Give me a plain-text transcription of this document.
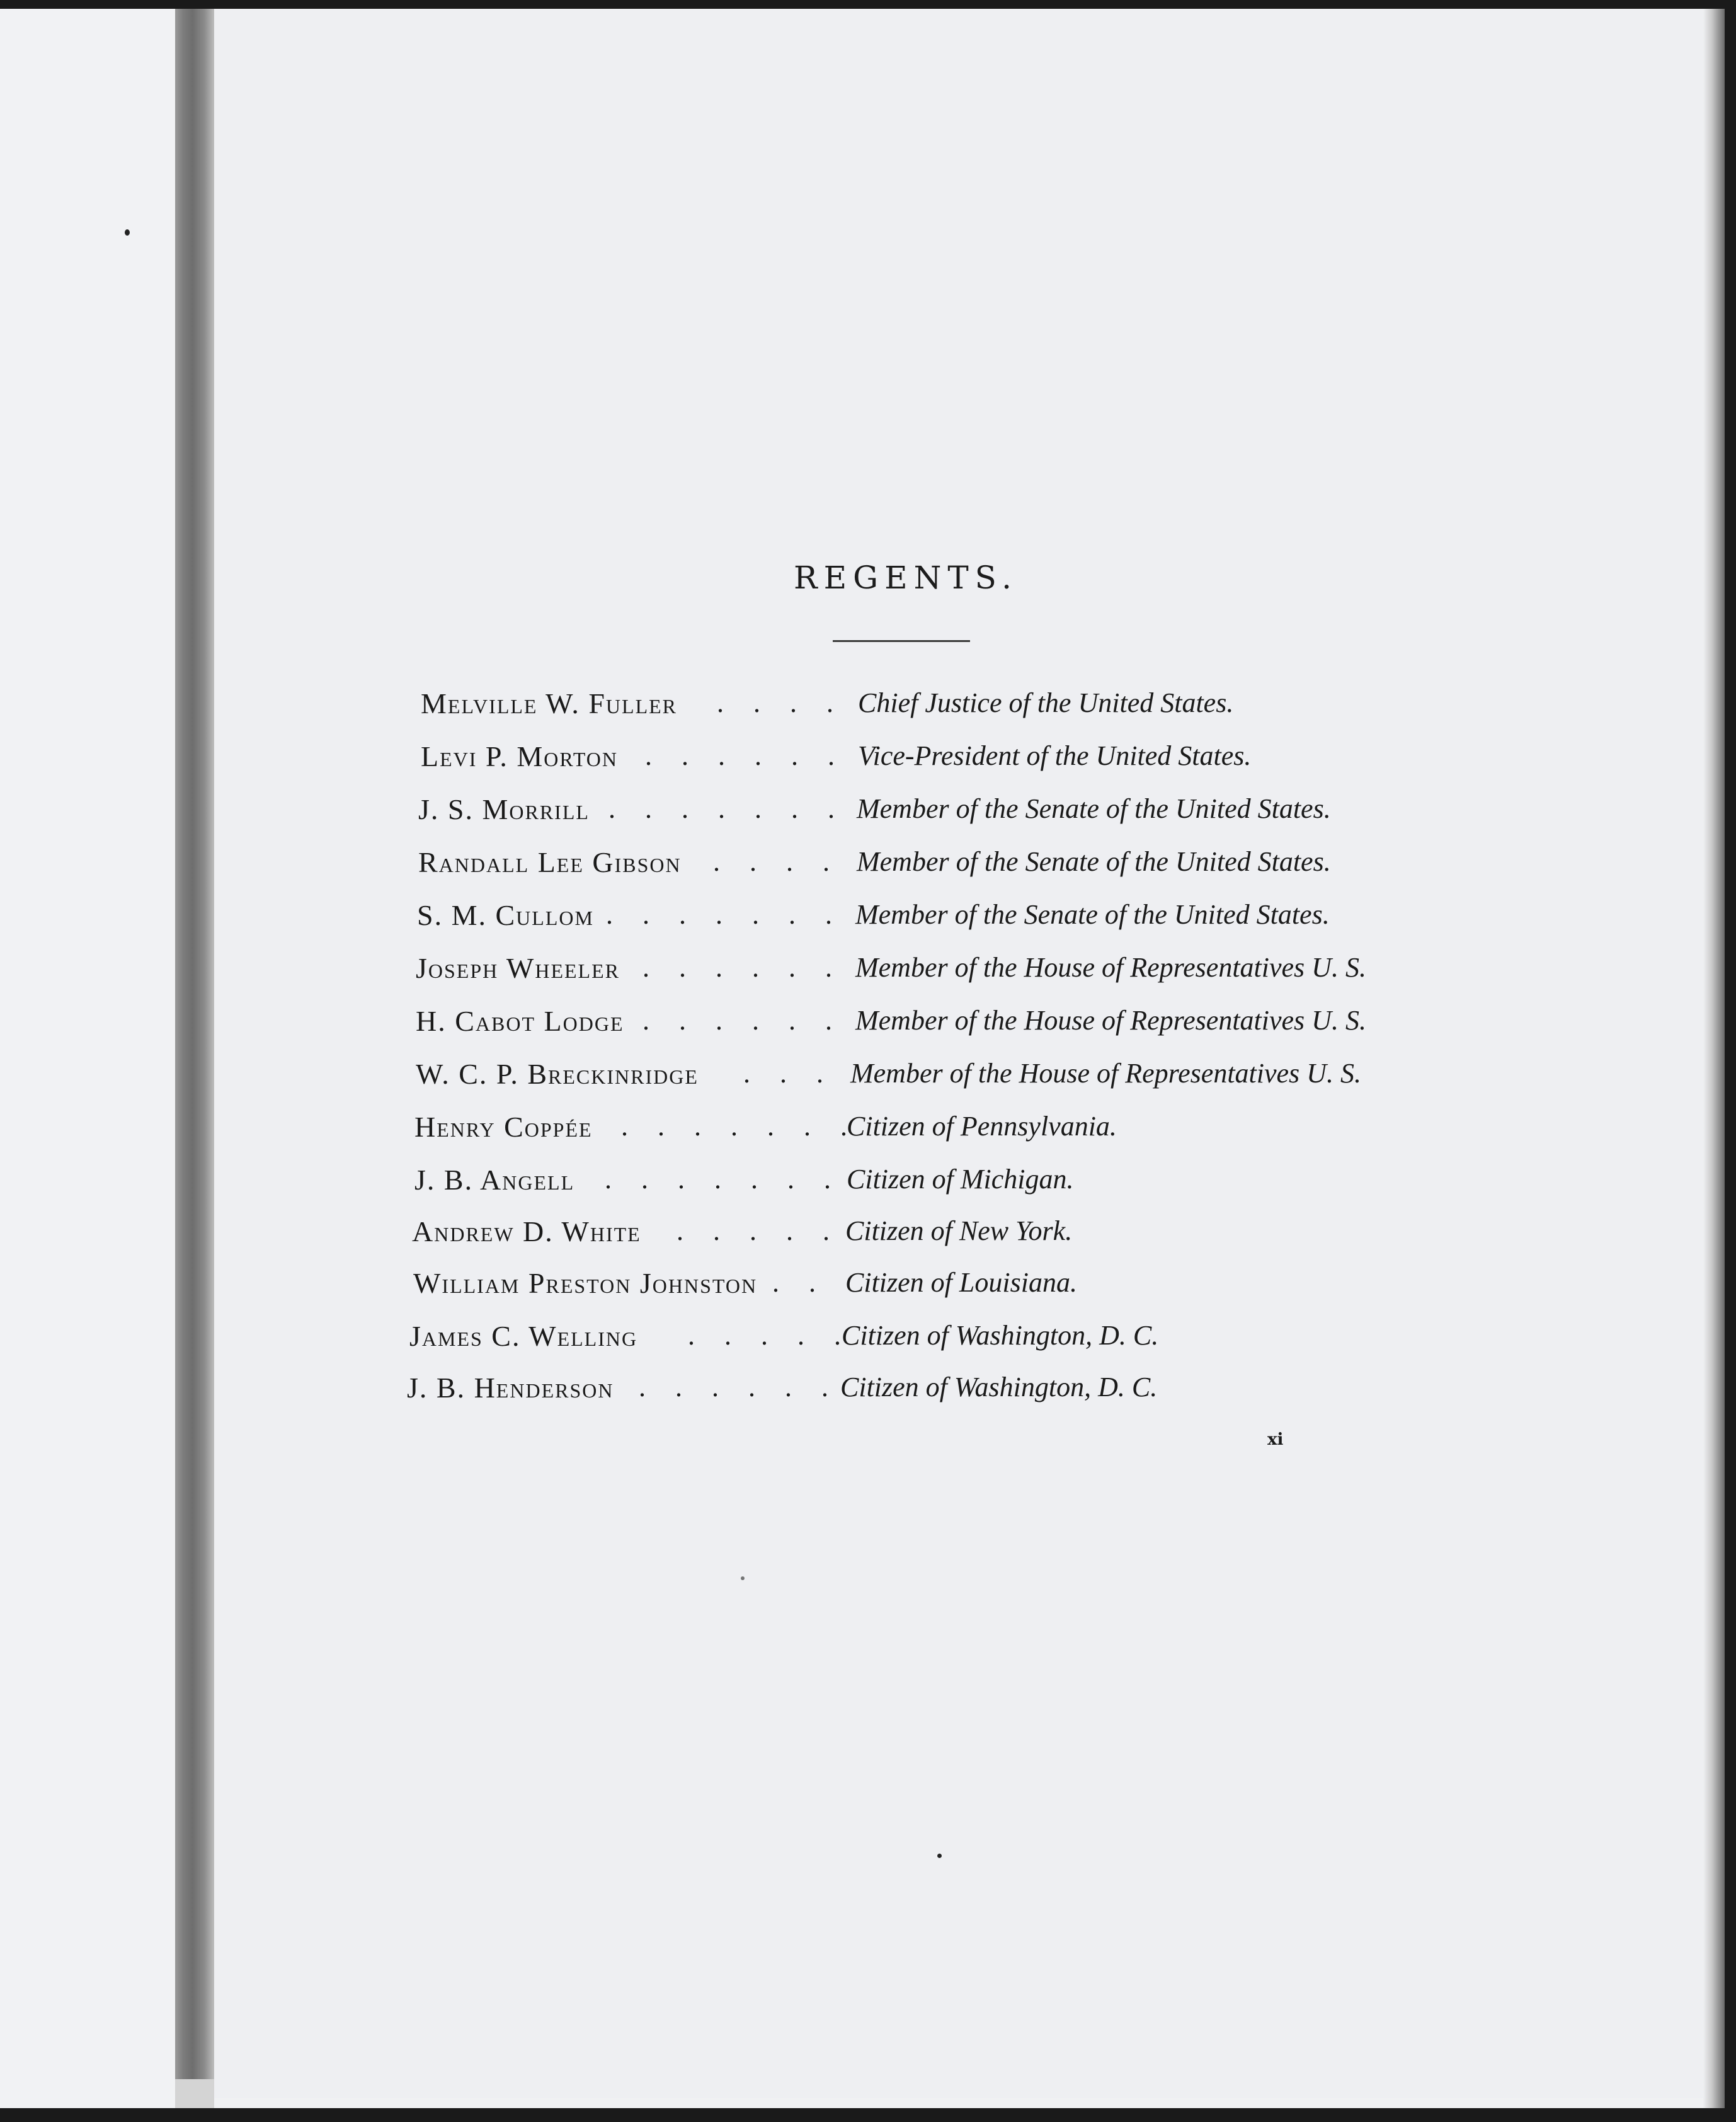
REGENTS.
Melville W. Fuller . . . . Chief Justice of the United States.
Levi P. Morton . . . . . . Vice-President of the United States.
J. S. Morrill . . . . . . . Member of the Senate of the United States.
Randall Lee Gibson . . . . Member of the Senate of the United States.
S. M. Cullom . . . . . . . Member of the Senate of the United States.
Joseph Wheeler . . . . . . Member of the House of Representatives U. S.
H. Cabot Lodge . . . . . . Member of the House of Representatives U. S.
W. C. P. Breckinridge . . . Member of the House of Representatives U. S.
Henry Coppée . . . . . . .
Citizen of Pennsylvania.
J. B. Angell . . . . . . . Citizen of Michigan.
Andrew D. White . . . . . Citizen of New York.
William Preston Johnston . . Citizen of Louisiana.
James C. Welling . . . . .
Citizen of Washington, D. C.
J. B. Henderson . . . . . . Citizen of Washington, D. C.
xi
